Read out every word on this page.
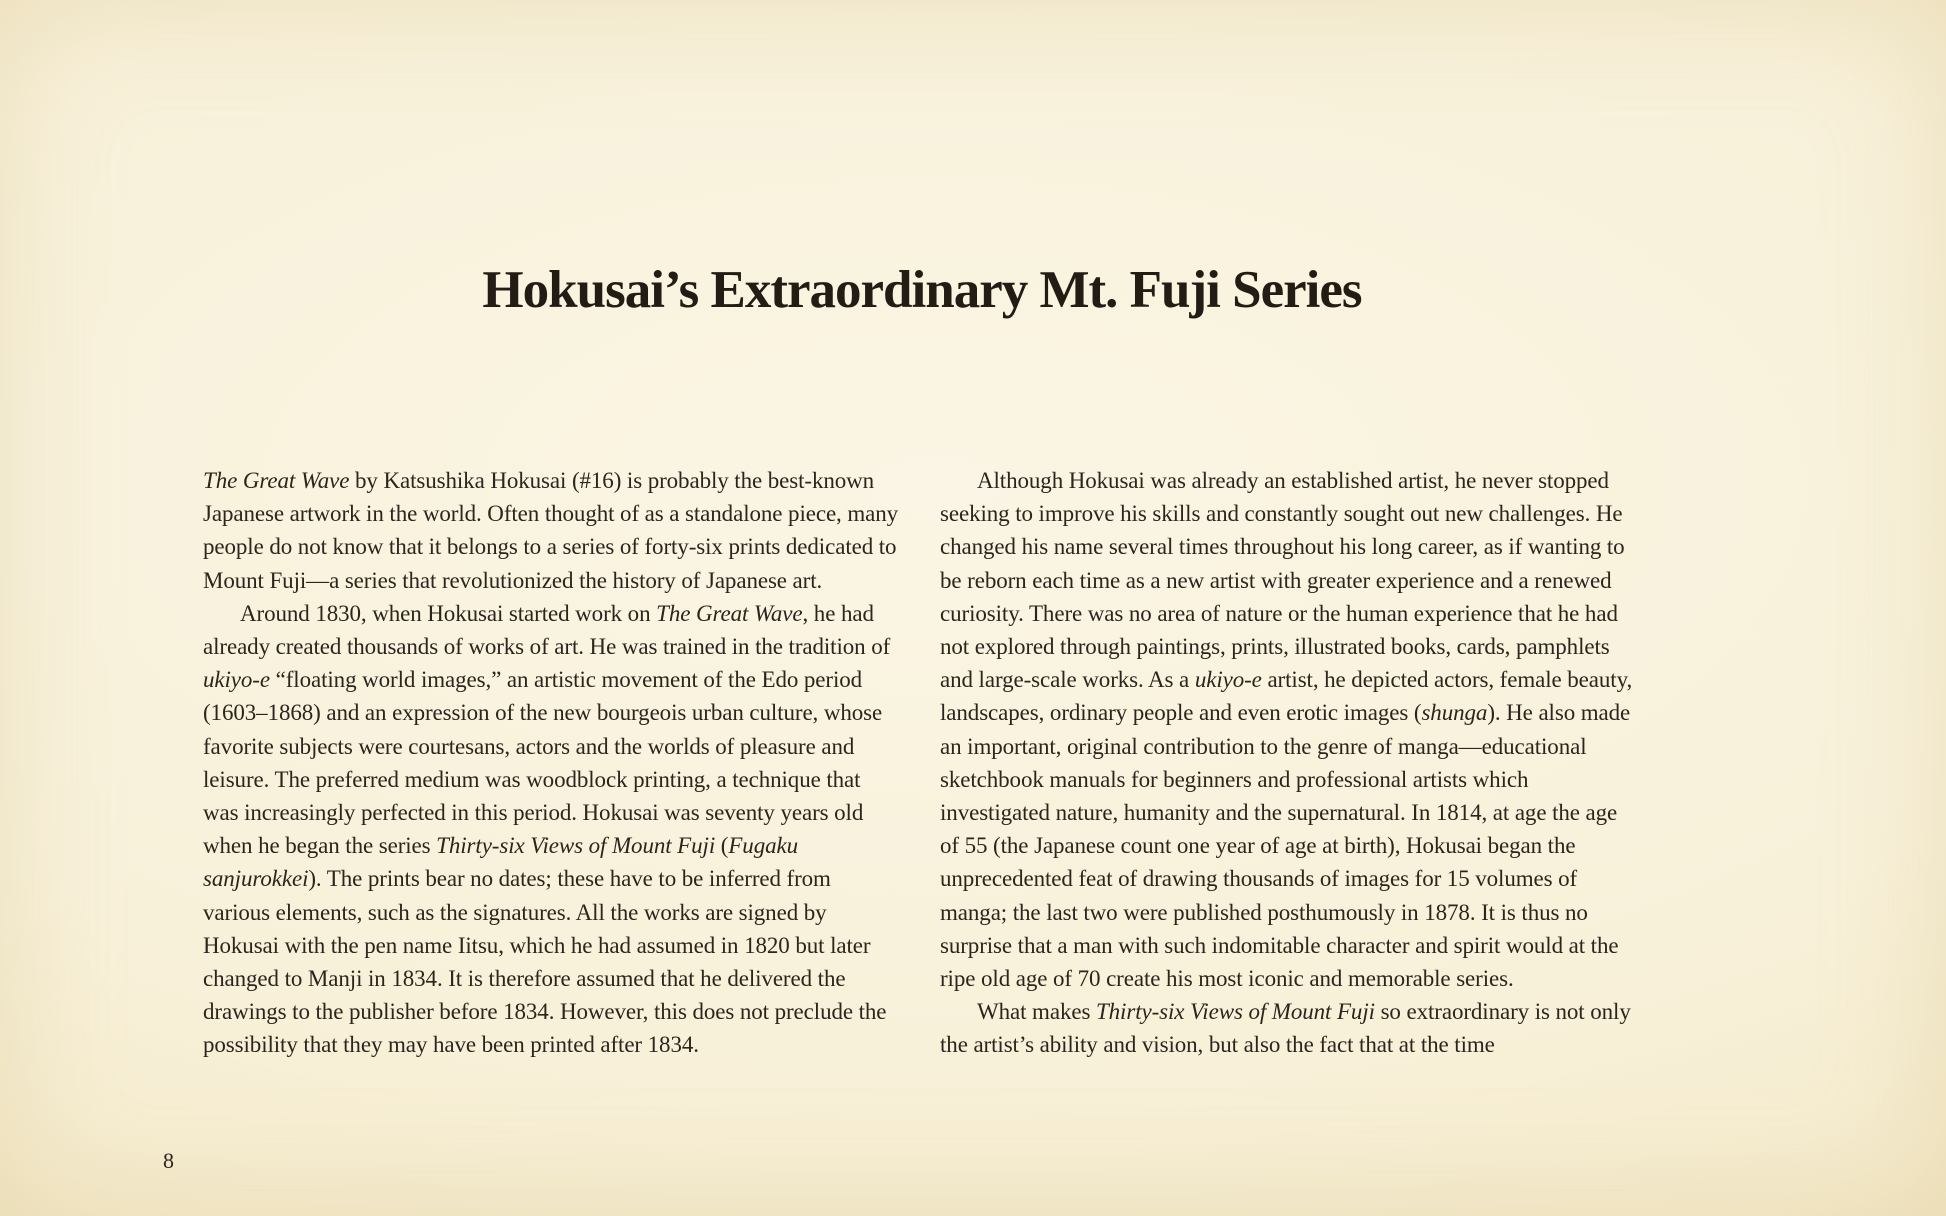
Hokusai’s Extraordinary Mt. Fuji Series

The Great Wave by Katsushika Hokusai (#16) is probably the best-known Japanese artwork in the world. Often thought of as a standalone piece, many people do not know that it belongs to a series of forty-six prints dedicated to Mount Fuji—a series that revolutionized the history of Japanese art.

Around 1830, when Hokusai started work on The Great Wave, he had already created thousands of works of art. He was trained in the tradition of ukiyo-e “floating world images,” an artistic movement of the Edo period (1603–1868) and an expression of the new bourgeois urban culture, whose favorite subjects were courtesans, actors and the worlds of pleasure and leisure. The preferred medium was woodblock printing, a technique that was increasingly perfected in this period. Hokusai was seventy years old when he began the series Thirty-six Views of Mount Fuji (Fugaku sanjurokkei). The prints bear no dates; these have to be inferred from various elements, such as the signatures. All the works are signed by Hokusai with the pen name Iitsu, which he had assumed in 1820 but later changed to Manji in 1834. It is therefore assumed that he delivered the drawings to the publisher before 1834. However, this does not preclude the possibility that they may have been printed after 1834.

Although Hokusai was already an established artist, he never stopped seeking to improve his skills and constantly sought out new challenges. He changed his name several times throughout his long career, as if wanting to be reborn each time as a new artist with greater experience and a renewed curiosity. There was no area of nature or the human experience that he had not explored through paintings, prints, illustrated books, cards, pamphlets and large-scale works. As a ukiyo-e artist, he depicted actors, female beauty, landscapes, ordinary people and even erotic images (shunga). He also made an important, original contribution to the genre of manga—educational sketchbook manuals for beginners and professional artists which investigated nature, humanity and the supernatural. In 1814, at age the age of 55 (the Japanese count one year of age at birth), Hokusai began the unprecedented feat of drawing thousands of images for 15 volumes of manga; the last two were published posthumously in 1878. It is thus no surprise that a man with such indomitable character and spirit would at the ripe old age of 70 create his most iconic and memorable series.

What makes Thirty-six Views of Mount Fuji so extraordinary is not only the artist’s ability and vision, but also the fact that at the time

8
